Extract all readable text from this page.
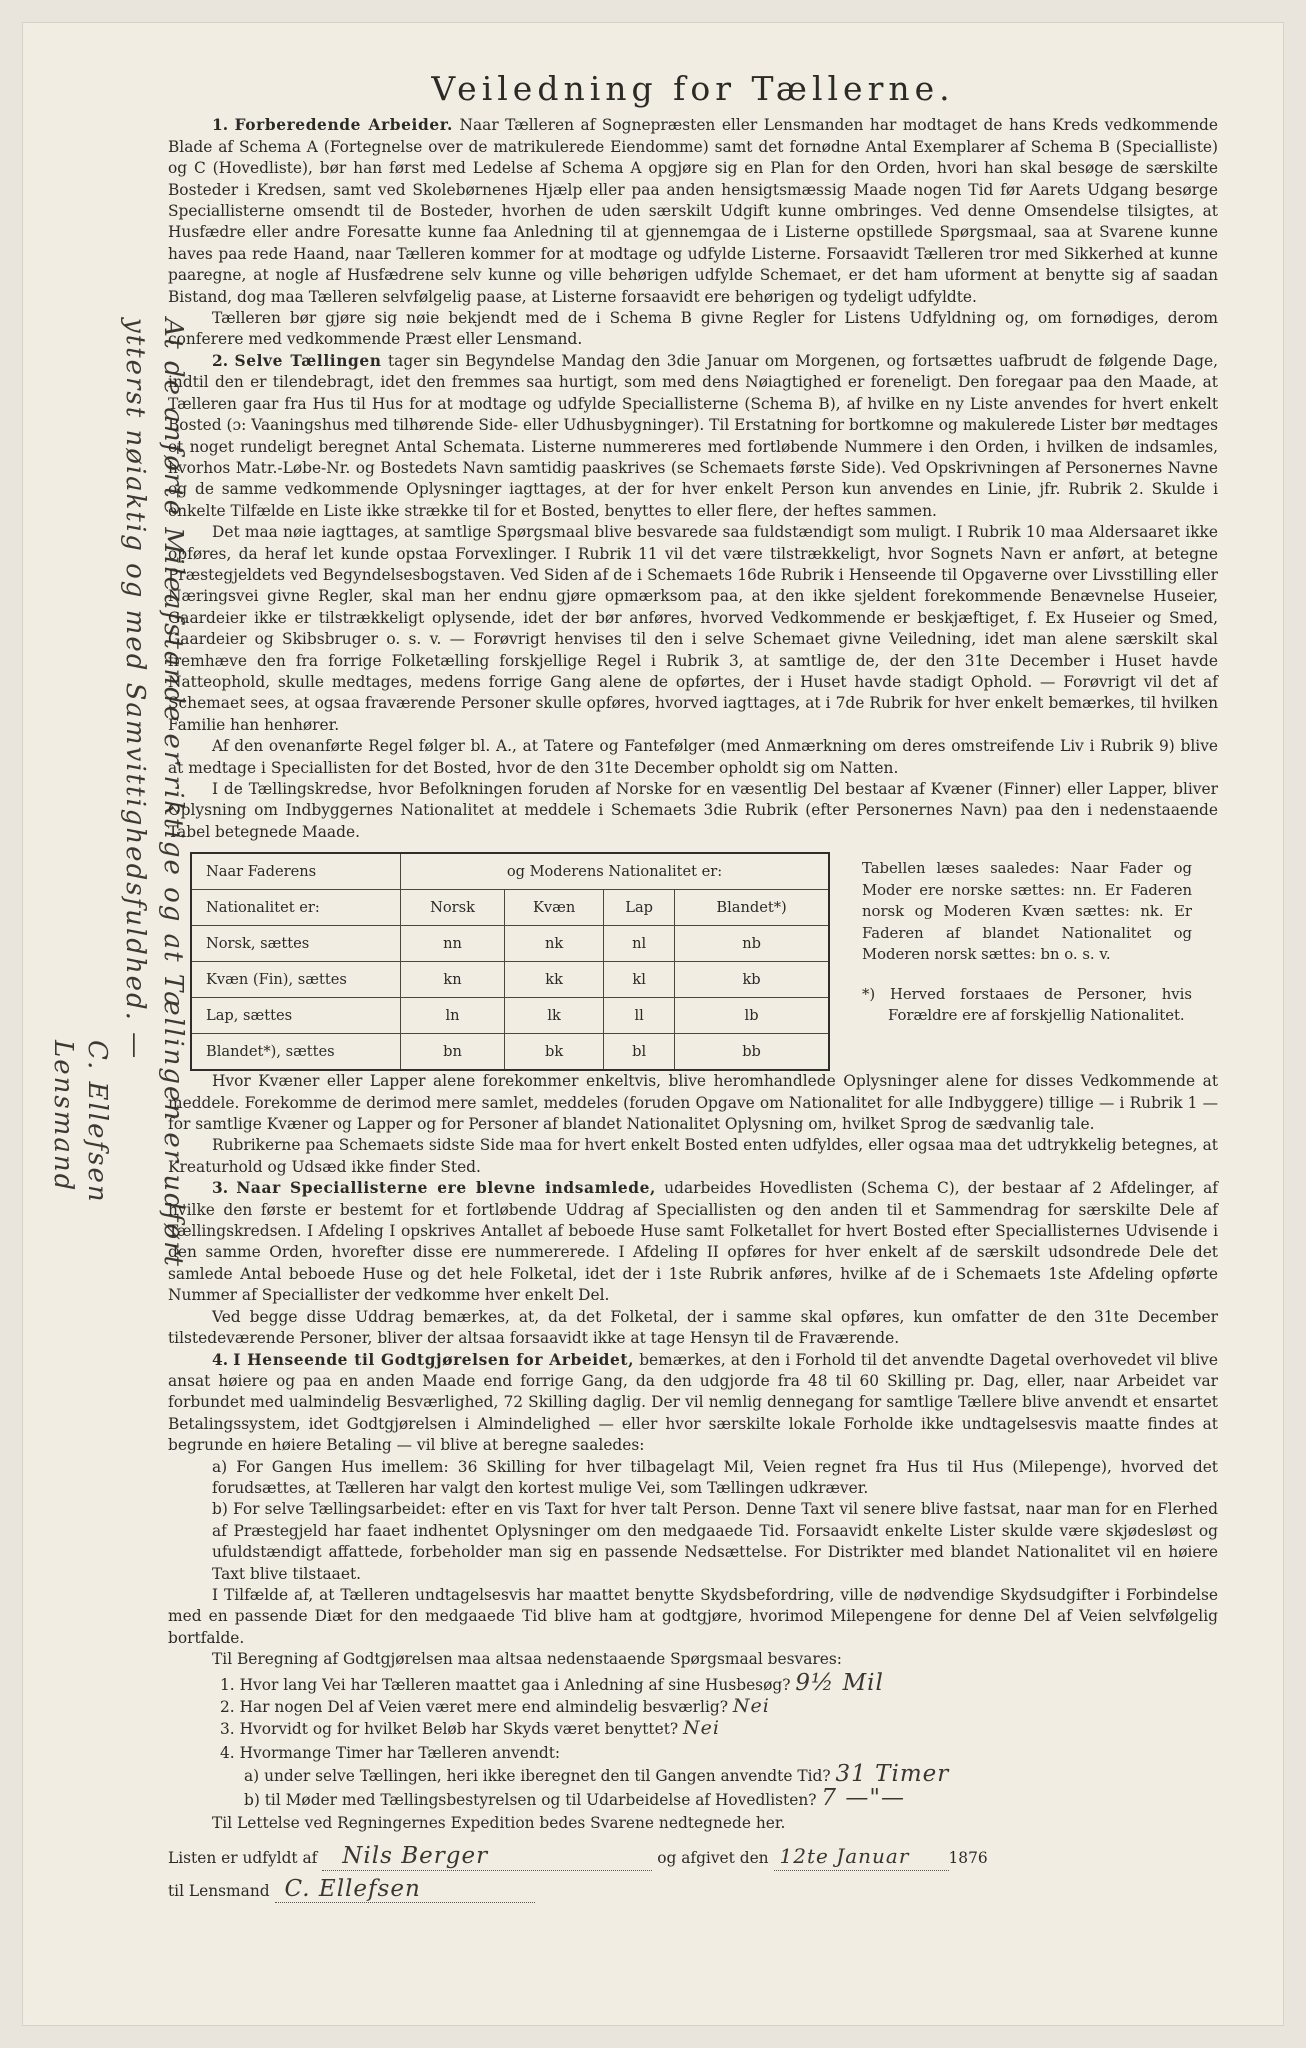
At de anførte Mileafstande er riktige og at Tællingen er udført
ytterst nøiaktig og med Samvittighedsfuldhed. —
C. Ellefsen
Lensmand
Veiledning for Tællerne.

1. Forberedende Arbeider. Naar Tælleren af Sognepræsten eller Lensmanden har modtaget de hans Kreds vedkommende Blade af Schema A (Fortegnelse over de matrikulerede Eiendomme) samt det fornødne Antal Exemplarer af Schema B (Specialliste) og C (Hovedliste), bør han først med Ledelse af Schema A opgjøre sig en Plan for den Orden, hvori han skal besøge de særskilte Bosteder i Kredsen, samt ved Skolebørnenes Hjælp eller paa anden hensigtsmæssig Maade nogen Tid før Aarets Udgang besørge Speciallisterne omsendt til de Bosteder, hvorhen de uden særskilt Udgift kunne ombringes. Ved denne Omsendelse tilsigtes, at Husfædre eller andre Foresatte kunne faa Anledning til at gjennemgaa de i Listerne opstillede Spørgsmaal, saa at Svarene kunne haves paa rede Haand, naar Tælleren kommer for at modtage og udfylde Listerne. Forsaavidt Tælleren tror med Sikkerhed at kunne paaregne, at nogle af Husfædrene selv kunne og ville behørigen udfylde Schemaet, er det ham uforment at benytte sig af saadan Bistand, dog maa Tælleren selvfølgelig paase, at Listerne forsaavidt ere behørigen og tydeligt udfyldte.

Tælleren bør gjøre sig nøie bekjendt med de i Schema B givne Regler for Listens Udfyldning og, om fornødiges, derom conferere med vedkommende Præst eller Lensmand.

2. Selve Tællingen tager sin Begyndelse Mandag den 3die Januar om Morgenen, og fortsættes uafbrudt de følgende Dage, indtil den er tilendebragt, idet den fremmes saa hurtigt, som med dens Nøiagtighed er foreneligt. Den foregaar paa den Maade, at Tælleren gaar fra Hus til Hus for at modtage og udfylde Speciallisterne (Schema B), af hvilke en ny Liste anvendes for hvert enkelt Bosted (ɔ: Vaaningshus med tilhørende Side- eller Udhusbygninger). Til Erstatning for bortkomne og makulerede Lister bør medtages et noget rundeligt beregnet Antal Schemata. Listerne nummereres med fortløbende Nummere i den Orden, i hvilken de indsamles, hvorhos Matr.-Løbe-Nr. og Bostedets Navn samtidig paaskrives (se Schemaets første Side). Ved Opskrivningen af Personernes Navne og de samme vedkommende Oplysninger iagttages, at der for hver enkelt Person kun anvendes en Linie, jfr. Rubrik 2. Skulde i enkelte Tilfælde en Liste ikke strække til for et Bosted, benyttes to eller flere, der heftes sammen.

Det maa nøie iagttages, at samtlige Spørgsmaal blive besvarede saa fuldstændigt som muligt. I Rubrik 10 maa Aldersaaret ikke opføres, da heraf let kunde opstaa Forvexlinger. I Rubrik 11 vil det være tilstrækkeligt, hvor Sognets Navn er anført, at betegne Præstegjeldets ved Begyndelsesbogstaven. Ved Siden af de i Schemaets 16de Rubrik i Henseende til Opgaverne over Livsstilling eller Næringsvei givne Regler, skal man her endnu gjøre opmærksom paa, at den ikke sjeldent forekommende Benævnelse Huseier, Gaardeier ikke er tilstrækkeligt oplysende, idet der bør anføres, hvorved Vedkommende er beskjæftiget, f. Ex Huseier og Smed, Gaardeier og Skibsbruger o. s. v. — Forøvrigt henvises til den i selve Schemaet givne Veiledning, idet man alene særskilt skal fremhæve den fra forrige Folketælling forskjellige Regel i Rubrik 3, at samtlige de, der den 31te December i Huset havde Natteophold, skulle medtages, medens forrige Gang alene de opførtes, der i Huset havde stadigt Ophold. — Forøvrigt vil det af Schemaet sees, at ogsaa fraværende Personer skulle opføres, hvorved iagttages, at i 7de Rubrik for hver enkelt bemærkes, til hvilken Familie han henhører.

Af den ovenanførte Regel følger bl. A., at Tatere og Fantefølger (med Anmærkning om deres omstreifende Liv i Rubrik 9) blive at medtage i Speciallisten for det Bosted, hvor de den 31te December opholdt sig om Natten.

I de Tællingskredse, hvor Befolkningen foruden af Norske for en væsentlig Del bestaar af Kvæner (Finner) eller Lapper, bliver Oplysning om Indbyggernes Nationalitet at meddele i Schemaets 3die Rubrik (efter Personernes Navn) paa den i nedenstaaende Tabel betegnede Maade.

Naar Faderens	og Moderens Nationalitet er:			
Nationalitet er:	Norsk	Kvæn	Lap	Blandet*)
Norsk, sættes	nn	nk	nl	nb
Kvæn (Fin), sættes	kn	kk	kl	kb
Lap, sættes	ln	lk	ll	lb
Blandet*), sættes	bn	bk	bl	bb
Tabellen læses saaledes: Naar Fader og Moder ere norske sættes: nn. Er Faderen norsk og Moderen Kvæn sættes: nk. Er Faderen af blandet Nationalitet og Moderen norsk sættes: bn o. s. v.
*) Herved forstaaes de Personer, hvis Forældre ere af forskjellig Nationalitet.

Hvor Kvæner eller Lapper alene forekommer enkeltvis, blive heromhandlede Oplysninger alene for disses Vedkommende at meddele. Forekomme de derimod mere samlet, meddeles (foruden Opgave om Nationalitet for alle Indbyggere) tillige — i Rubrik 1 — for samtlige Kvæner og Lapper og for Personer af blandet Nationalitet Oplysning om, hvilket Sprog de sædvanlig tale.

Rubrikerne paa Schemaets sidste Side maa for hvert enkelt Bosted enten udfyldes, eller ogsaa maa det udtrykkelig betegnes, at Kreaturhold og Udsæd ikke finder Sted.

3. Naar Speciallisterne ere blevne indsamlede, udarbeides Hovedlisten (Schema C), der bestaar af 2 Afdelinger, af hvilke den første er bestemt for et fortløbende Uddrag af Speciallisten og den anden til et Sammendrag for særskilte Dele af Tællingskredsen. I Afdeling I opskrives Antallet af beboede Huse samt Folketallet for hvert Bosted efter Speciallisternes Udvisende i den samme Orden, hvorefter disse ere nummererede. I Afdeling II opføres for hver enkelt af de særskilt udsondrede Dele det samlede Antal beboede Huse og det hele Folketal, idet der i 1ste Rubrik anføres, hvilke af de i Schemaets 1ste Afdeling opførte Nummer af Speciallister der vedkomme hver enkelt Del.

Ved begge disse Uddrag bemærkes, at, da det Folketal, der i samme skal opføres, kun omfatter de den 31te December tilstedeværende Personer, bliver der altsaa forsaavidt ikke at tage Hensyn til de Fraværende.

4. I Henseende til Godtgjørelsen for Arbeidet, bemærkes, at den i Forhold til det anvendte Dagetal overhovedet vil blive ansat høiere og paa en anden Maade end forrige Gang, da den udgjorde fra 48 til 60 Skilling pr. Dag, eller, naar Arbeidet var forbundet med ualmindelig Besværlighed, 72 Skilling daglig. Der vil nemlig dennegang for samtlige Tællere blive anvendt et ensartet Betalingssystem, idet Godtgjørelsen i Almindelighed — eller hvor særskilte lokale Forholde ikke undtagelsesvis maatte findes at begrunde en høiere Betaling — vil blive at beregne saaledes:

a) For Gangen Hus imellem: 36 Skilling for hver tilbagelagt Mil, Veien regnet fra Hus til Hus (Milepenge), hvorved det forudsættes, at Tælleren har valgt den kortest mulige Vei, som Tællingen udkræver.

b) For selve Tællingsarbeidet: efter en vis Taxt for hver talt Person. Denne Taxt vil senere blive fastsat, naar man for en Flerhed af Præstegjeld har faaet indhentet Oplysninger om den medgaaede Tid. Forsaavidt enkelte Lister skulde være skjødesløst og ufuldstændigt affattede, forbeholder man sig en passende Nedsættelse. For Distrikter med blandet Nationalitet vil en høiere Taxt blive tilstaaet.

I Tilfælde af, at Tælleren undtagelsesvis har maattet benytte Skydsbefordring, ville de nødvendige Skydsudgifter i Forbindelse med en passende Diæt for den medgaaede Tid blive ham at godtgjøre, hvorimod Milepengene for denne Del af Veien selvfølgelig bortfalde.

Til Beregning af Godtgjørelsen maa altsaa nedenstaaende Spørgsmaal besvares:

1. Hvor lang Vei har Tælleren maattet gaa i Anledning af sine Husbesøg? 9½ Mil
2. Har nogen Del af Veien været mere end almindelig besværlig? Nei
3. Hvorvidt og for hvilket Beløb har Skyds været benyttet? Nei
4. Hvormange Timer har Tælleren anvendt:
a) under selve Tællingen, heri ikke iberegnet den til Gangen anvendte Tid? 31 Timer
b) til Møder med Tællingsbestyrelsen og til Udarbeidelse af Hovedlisten? 7 —"—

Til Lettelse ved Regningernes Expedition bedes Svarene nedtegnede her.

Listen er udfyldt af Nils Berger	og afgivet den 12te Januar	1876
til Lensmand C. Ellefsen
